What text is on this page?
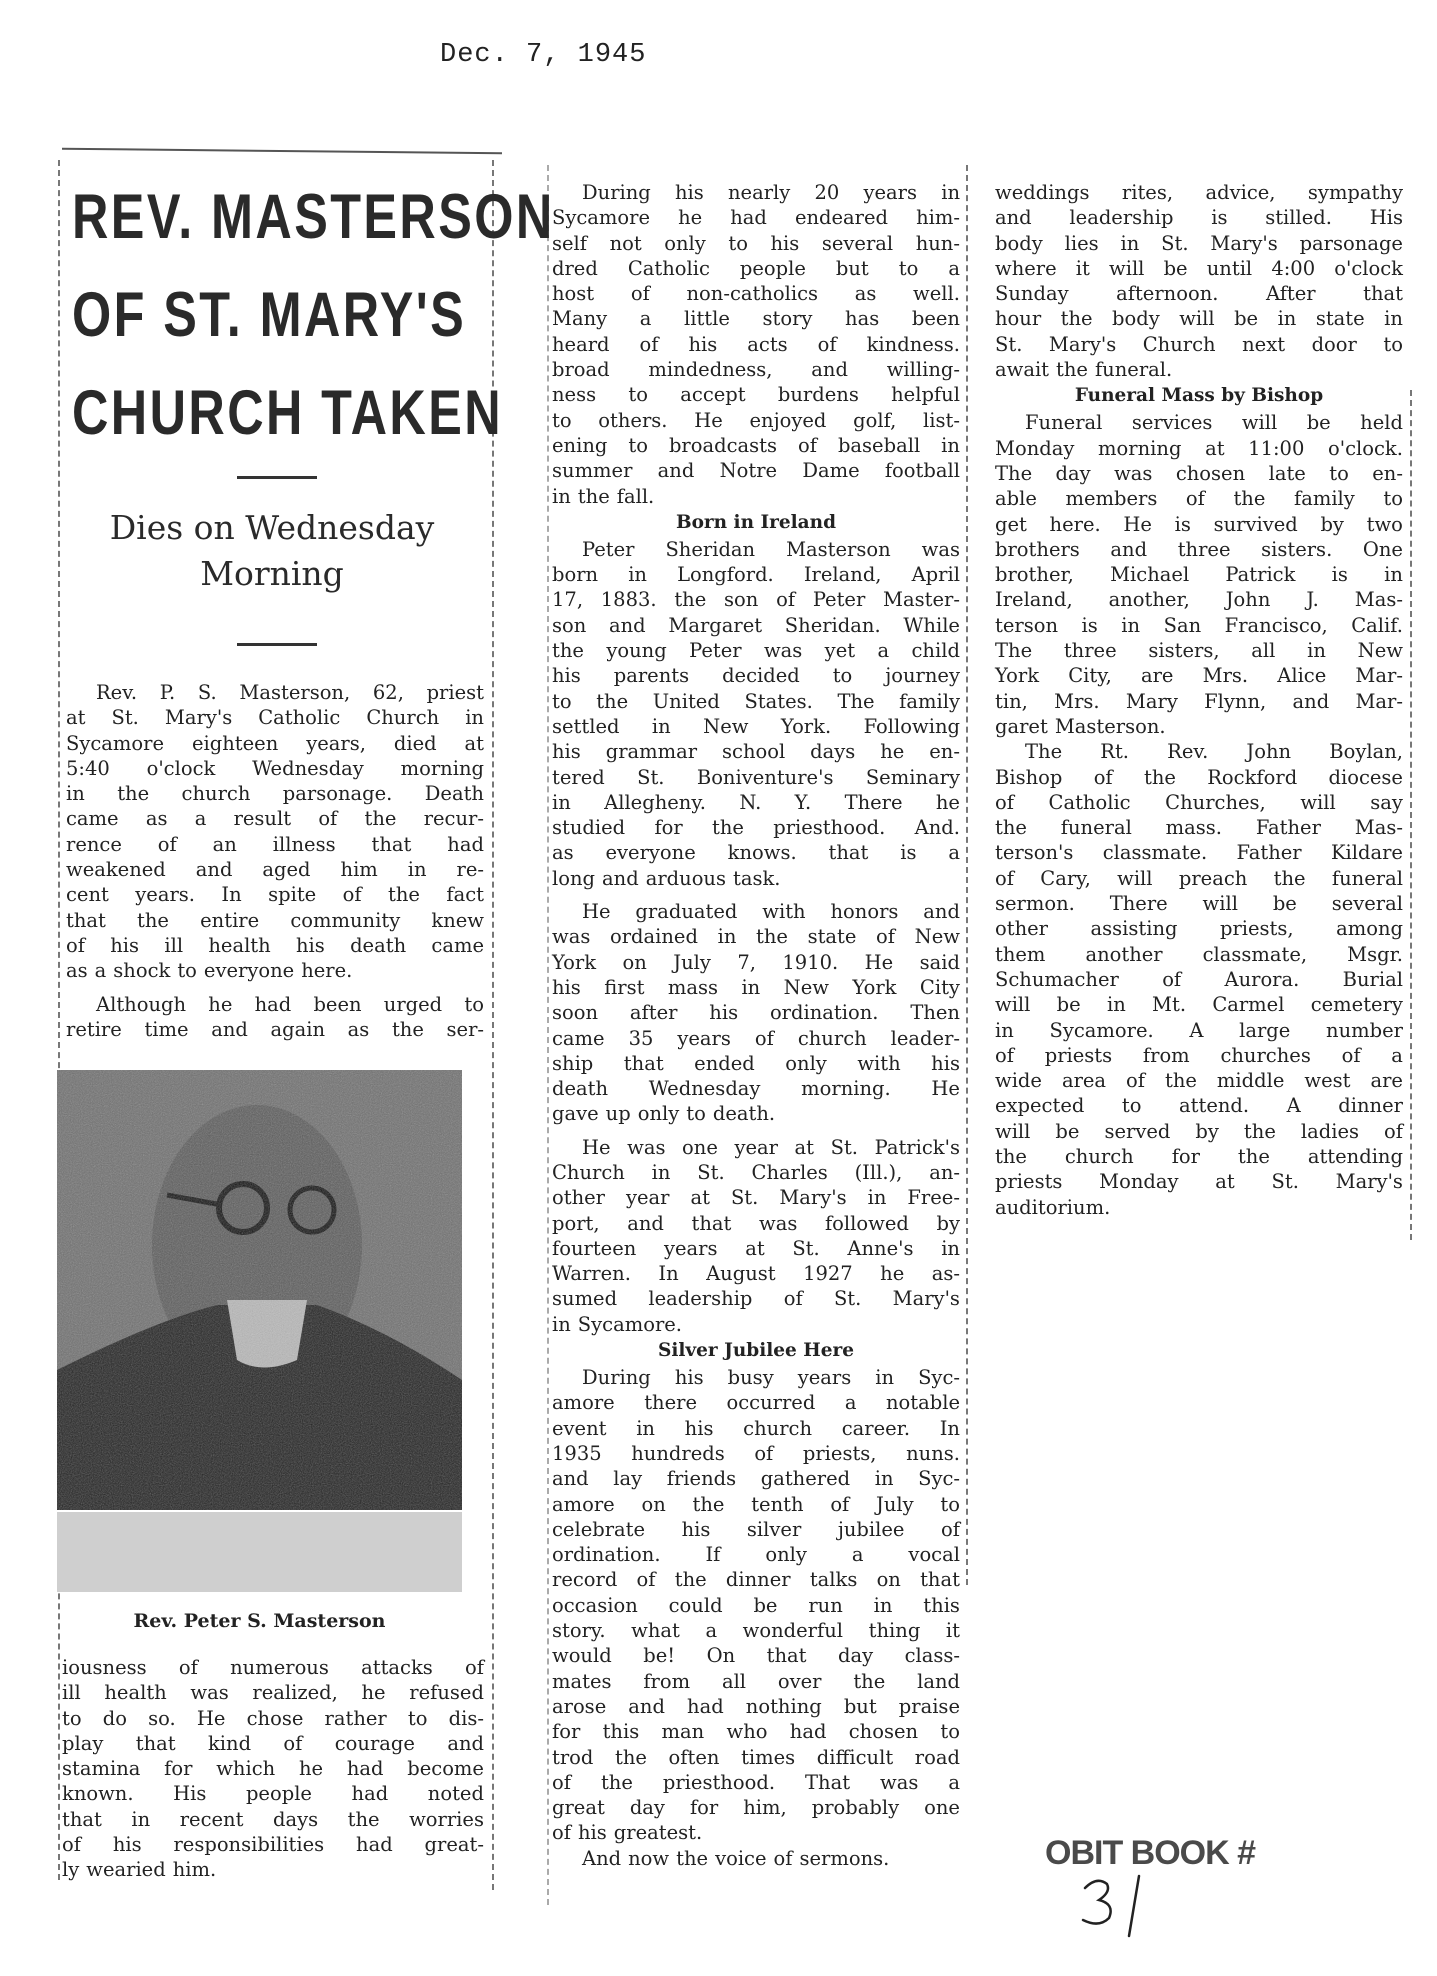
Dec. 7, 1945
REV. MASTERSON
OF ST. MARY'S
CHURCH TAKEN
Dies on Wednesday
Morning
Rev. P. S. Masterson, 62, priest
at St. Mary's Catholic Church in
Sycamore eighteen years, died at
5:40 o'clock Wednesday morning
in the church parsonage. Death
came as a result of the recur-
rence of an illness that had
weakened and aged him in re-
cent years. In spite of the fact
that the entire community knew
of his ill health his death came
as a shock to everyone here.
Although he had been urged to
retire time and again as the ser-
Rev. Peter S. Masterson
iousness of numerous attacks of
ill health was realized, he refused
to do so. He chose rather to dis-
play that kind of courage and
stamina for which he had become
known. His people had noted
that in recent days the worries
of his responsibilities had great-
ly wearied him.
During his nearly 20 years in
Sycamore he had endeared him-
self not only to his several hun-
dred Catholic people but to a
host of non-catholics as well.
Many a little story has been
heard of his acts of kindness.
broad mindedness, and willing-
ness to accept burdens helpful
to others. He enjoyed golf, list-
ening to broadcasts of baseball in
summer and Notre Dame football
in the fall.
Born in Ireland
Peter Sheridan Masterson was
born in Longford. Ireland, April
17, 1883. the son of Peter Master-
son and Margaret Sheridan. While
the young Peter was yet a child
his parents decided to journey
to the United States. The family
settled in New York. Following
his grammar school days he en-
tered St. Boniventure's Seminary
in Allegheny. N. Y. There he
studied for the priesthood. And.
as everyone knows. that is a
long and arduous task.
He graduated with honors and
was ordained in the state of New
York on July 7, 1910. He said
his first mass in New York City
soon after his ordination. Then
came 35 years of church leader-
ship that ended only with his
death Wednesday morning. He
gave up only to death.
He was one year at St. Patrick's
Church in St. Charles (Ill.), an-
other year at St. Mary's in Free-
port, and that was followed by
fourteen years at St. Anne's in
Warren. In August 1927 he as-
sumed leadership of St. Mary's
in Sycamore.
Silver Jubilee Here
During his busy years in Syc-
amore there occurred a notable
event in his church career. In
1935 hundreds of priests, nuns.
and lay friends gathered in Syc-
amore on the tenth of July to
celebrate his silver jubilee of
ordination. If only a vocal
record of the dinner talks on that
occasion could be run in this
story. what a wonderful thing it
would be! On that day class-
mates from all over the land
arose and had nothing but praise
for this man who had chosen to
trod the often times difficult road
of the priesthood. That was a
great day for him, probably one
of his greatest.
And now the voice of sermons.
weddings rites, advice, sympathy
and leadership is stilled. His
body lies in St. Mary's parsonage
where it will be until 4:00 o'clock
Sunday afternoon. After that
hour the body will be in state in
St. Mary's Church next door to
await the funeral.
Funeral Mass by Bishop
Funeral services will be held
Monday morning at 11:00 o'clock.
The day was chosen late to en-
able members of the family to
get here. He is survived by two
brothers and three sisters. One
brother, Michael Patrick is in
Ireland, another, John J. Mas-
terson is in San Francisco, Calif.
The three sisters, all in New
York City, are Mrs. Alice Mar-
tin, Mrs. Mary Flynn, and Mar-
garet Masterson.
The Rt. Rev. John Boylan,
Bishop of the Rockford diocese
of Catholic Churches, will say
the funeral mass. Father Mas-
terson's classmate. Father Kildare
of Cary, will preach the funeral
sermon. There will be several
other assisting priests, among
them another classmate, Msgr.
Schumacher of Aurora. Burial
will be in Mt. Carmel cemetery
in Sycamore. A large number
of priests from churches of a
wide area of the middle west are
expected to attend. A dinner
will be served by the ladies of
the church for the attending
priests Monday at St. Mary's
auditorium.
OBIT BOOK #
